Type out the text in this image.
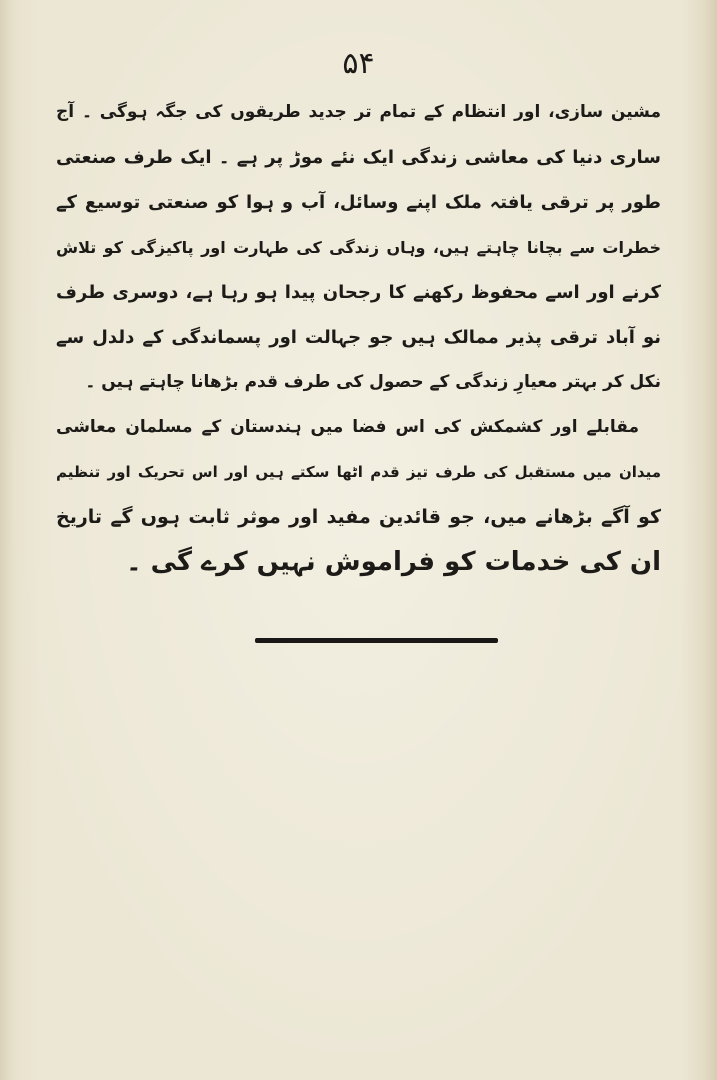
۵۴
مشین سازی، اور انتظام کے تمام تر جدید طریقوں کی جگہ ہوگی ۔ آج
ساری دنیا کی معاشی زندگی ایک نئے موڑ پر ہے ۔ ایک طرف صنعتی
طور پر ترقی یافتہ ملک اپنے وسائل، آب و ہوا کو صنعتی توسیع کے
خطرات سے بچانا چاہتے ہیں، وہاں زندگی کی طہارت اور پاکیزگی کو تلاش
کرنے اور اسے محفوظ رکھنے کا رجحان پیدا ہو رہا ہے، دوسری طرف
نو آباد ترقی پذیر ممالک ہیں جو جہالت اور پسماندگی کے دلدل سے
نکل کر بہتر معیارِ زندگی کے حصول کی طرف قدم بڑھانا چاہتے ہیں ۔
مقابلے اور کشمکش کی اس فضا میں ہندستان کے مسلمان معاشی
میدان میں مستقبل کی طرف تیز قدم اٹھا سکتے ہیں اور اس تحریک اور تنظیم
کو آگے بڑھانے میں، جو قائدین مفید اور موثر ثابت ہوں گے تاریخ
ان کی خدمات کو فراموش نہیں کرے گی ۔
